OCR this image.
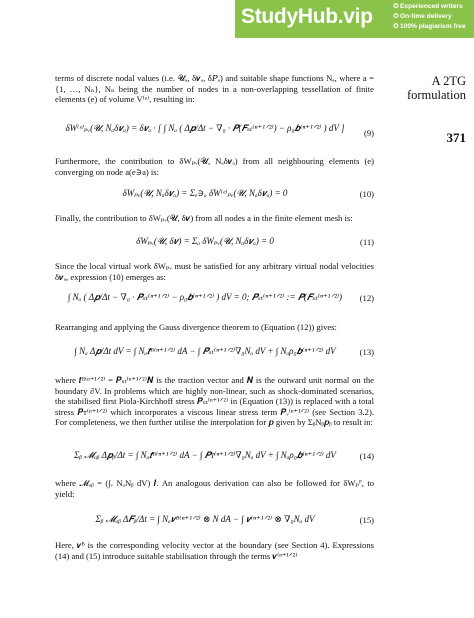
StudyHub.vip	✪Experienced writers
✪On-time delivery
✪100% plagiarism free
A 2TG
formulation
371
terms of discrete nodal values (i.e. 𝓤ₐ, δ𝒗ₐ, δ𝑃ₐ) and suitable shape functions Nₐ, where a = {1, …, Nₙ}, Nₙ being the number of nodes in a non-overlapping tessellation of finite elements (e) of volume V⁽ᵉ⁾, resulting in:
δW⁽ᵉ⁾ₚᵥ(𝓤, Nₐδ𝒗ₐ) = δ𝒗ₐ · [ ∫ Nₐ ( Δ𝒑/Δt − ∇₀ · 𝑷(𝑭ₛₜ⁽ⁿ⁺¹ᐟ²⁾) − ρ₀𝒃⁽ⁿ⁺¹ᐟ²⁾ ) dV ]	(9)
Furthermore, the contribution to δWₚᵥ(𝓤, Nₐδ𝒗ₐ) from all neighbouring elements (e) converging on node a(e∋a) is:
δWₚᵥ(𝓤, Nₐδ𝒗ₐ) = Σₑ∋ₐ δW⁽ᵉ⁾ₚᵥ(𝓤, Nₐδ𝒗ₐ) = 0	(10)
Finally, the contribution to δWₚᵥ(𝓤, δ𝒗) from all nodes a in the finite element mesh is:
δWₚᵥ(𝓤, δ𝒗) = Σₐ δWₚᵥ(𝓤, Nₐδ𝒗ₐ) = 0	(11)
Since the local virtual work δWₚᵥ must be satisfied for any arbitrary virtual nodal velocities δ𝒗ₐ, expression (10) emerges as:
∫ Nₐ ( Δ𝒑/Δt − ∇₀ · 𝑷ₛₜ⁽ⁿ⁺¹ᐟ²⁾ − ρ₀𝒃⁽ⁿ⁺¹ᐟ²⁾ ) dV = 0; 𝑷ₛₜ⁽ⁿ⁺¹ᐟ²⁾ := 𝑷(𝑭ₛₜ⁽ⁿ⁺¹ᐟ²⁾)	(12)
Rearranging and applying the Gauss divergence theorem to (Equation (12)) gives:
∫ Nₐ Δ𝒑/Δt dV = ∫ Nₐ𝒕ᴮ⁽ⁿ⁺¹ᐟ²⁾ dA − ∫ 𝑷ₛₜ⁽ⁿ⁺¹ᐟ²⁾∇₀Nₐ dV + ∫ Nₐρ₀𝒃⁽ⁿ⁺¹ᐟ²⁾ dV	(13)
where 𝒕ᴮ⁽ⁿ⁺¹ᐟ²⁾ = 𝑷ₛₜ⁽ⁿ⁺¹ᐟ²⁾𝑵 is the traction vector and 𝑵 is the outward unit normal on the boundary ∂V. In problems which are highly non-linear, such as shock-dominated scenarios, the stabilised first Piola-Kirchhoff stress 𝑷ₛₜ⁽ⁿ⁺¹ᐟ²⁾ in (Equation (13)) is replaced with a total stress 𝑷ᴛ⁽ⁿ⁺¹ᐟ²⁾ which incorporates a viscous linear stress term 𝑷ᵥ⁽ⁿ⁺¹ᐟ²⁾ (see Section 3.2). For completeness, we then further utilise the interpolation for 𝒑 given by ΣᵦNᵦ𝒑ᵦ to result in:
Σᵦ 𝓜ₐᵦ Δ𝒑ᵦ/Δt = ∫ Nₐ𝒕ᴮ⁽ⁿ⁺¹ᐟ²⁾ dA − ∫ 𝑷ᴛ⁽ⁿ⁺¹ᐟ²⁾∇₀Nₐ dV + ∫ Nₐρ₀𝒃⁽ⁿ⁺¹ᐟ²⁾ dV	(14)
where 𝓜ₐᵦ = (∫ᵥ NₐNᵦ dV) 𝑰. An analogous derivation can also be followed for δWₚᴾ, to yield:
Σᵦ 𝓜ₐᵦ Δ𝑭ᵦ/Δt = ∫ Nₐ𝒗ᴮ⁽ⁿ⁺¹ᐟ²⁾ ⊗ N dA − ∫ 𝒗⁽ⁿ⁺¹ᐟ²⁾ ⊗ ∇₀Nₐ dV	(15)
Here, 𝒗ᴮ is the corresponding velocity vector at the boundary (see Section 4). Expressions (14) and (15) introduce suitable stabilisation through the terms 𝒗⁽ⁿ⁺¹ᐟ²⁾
